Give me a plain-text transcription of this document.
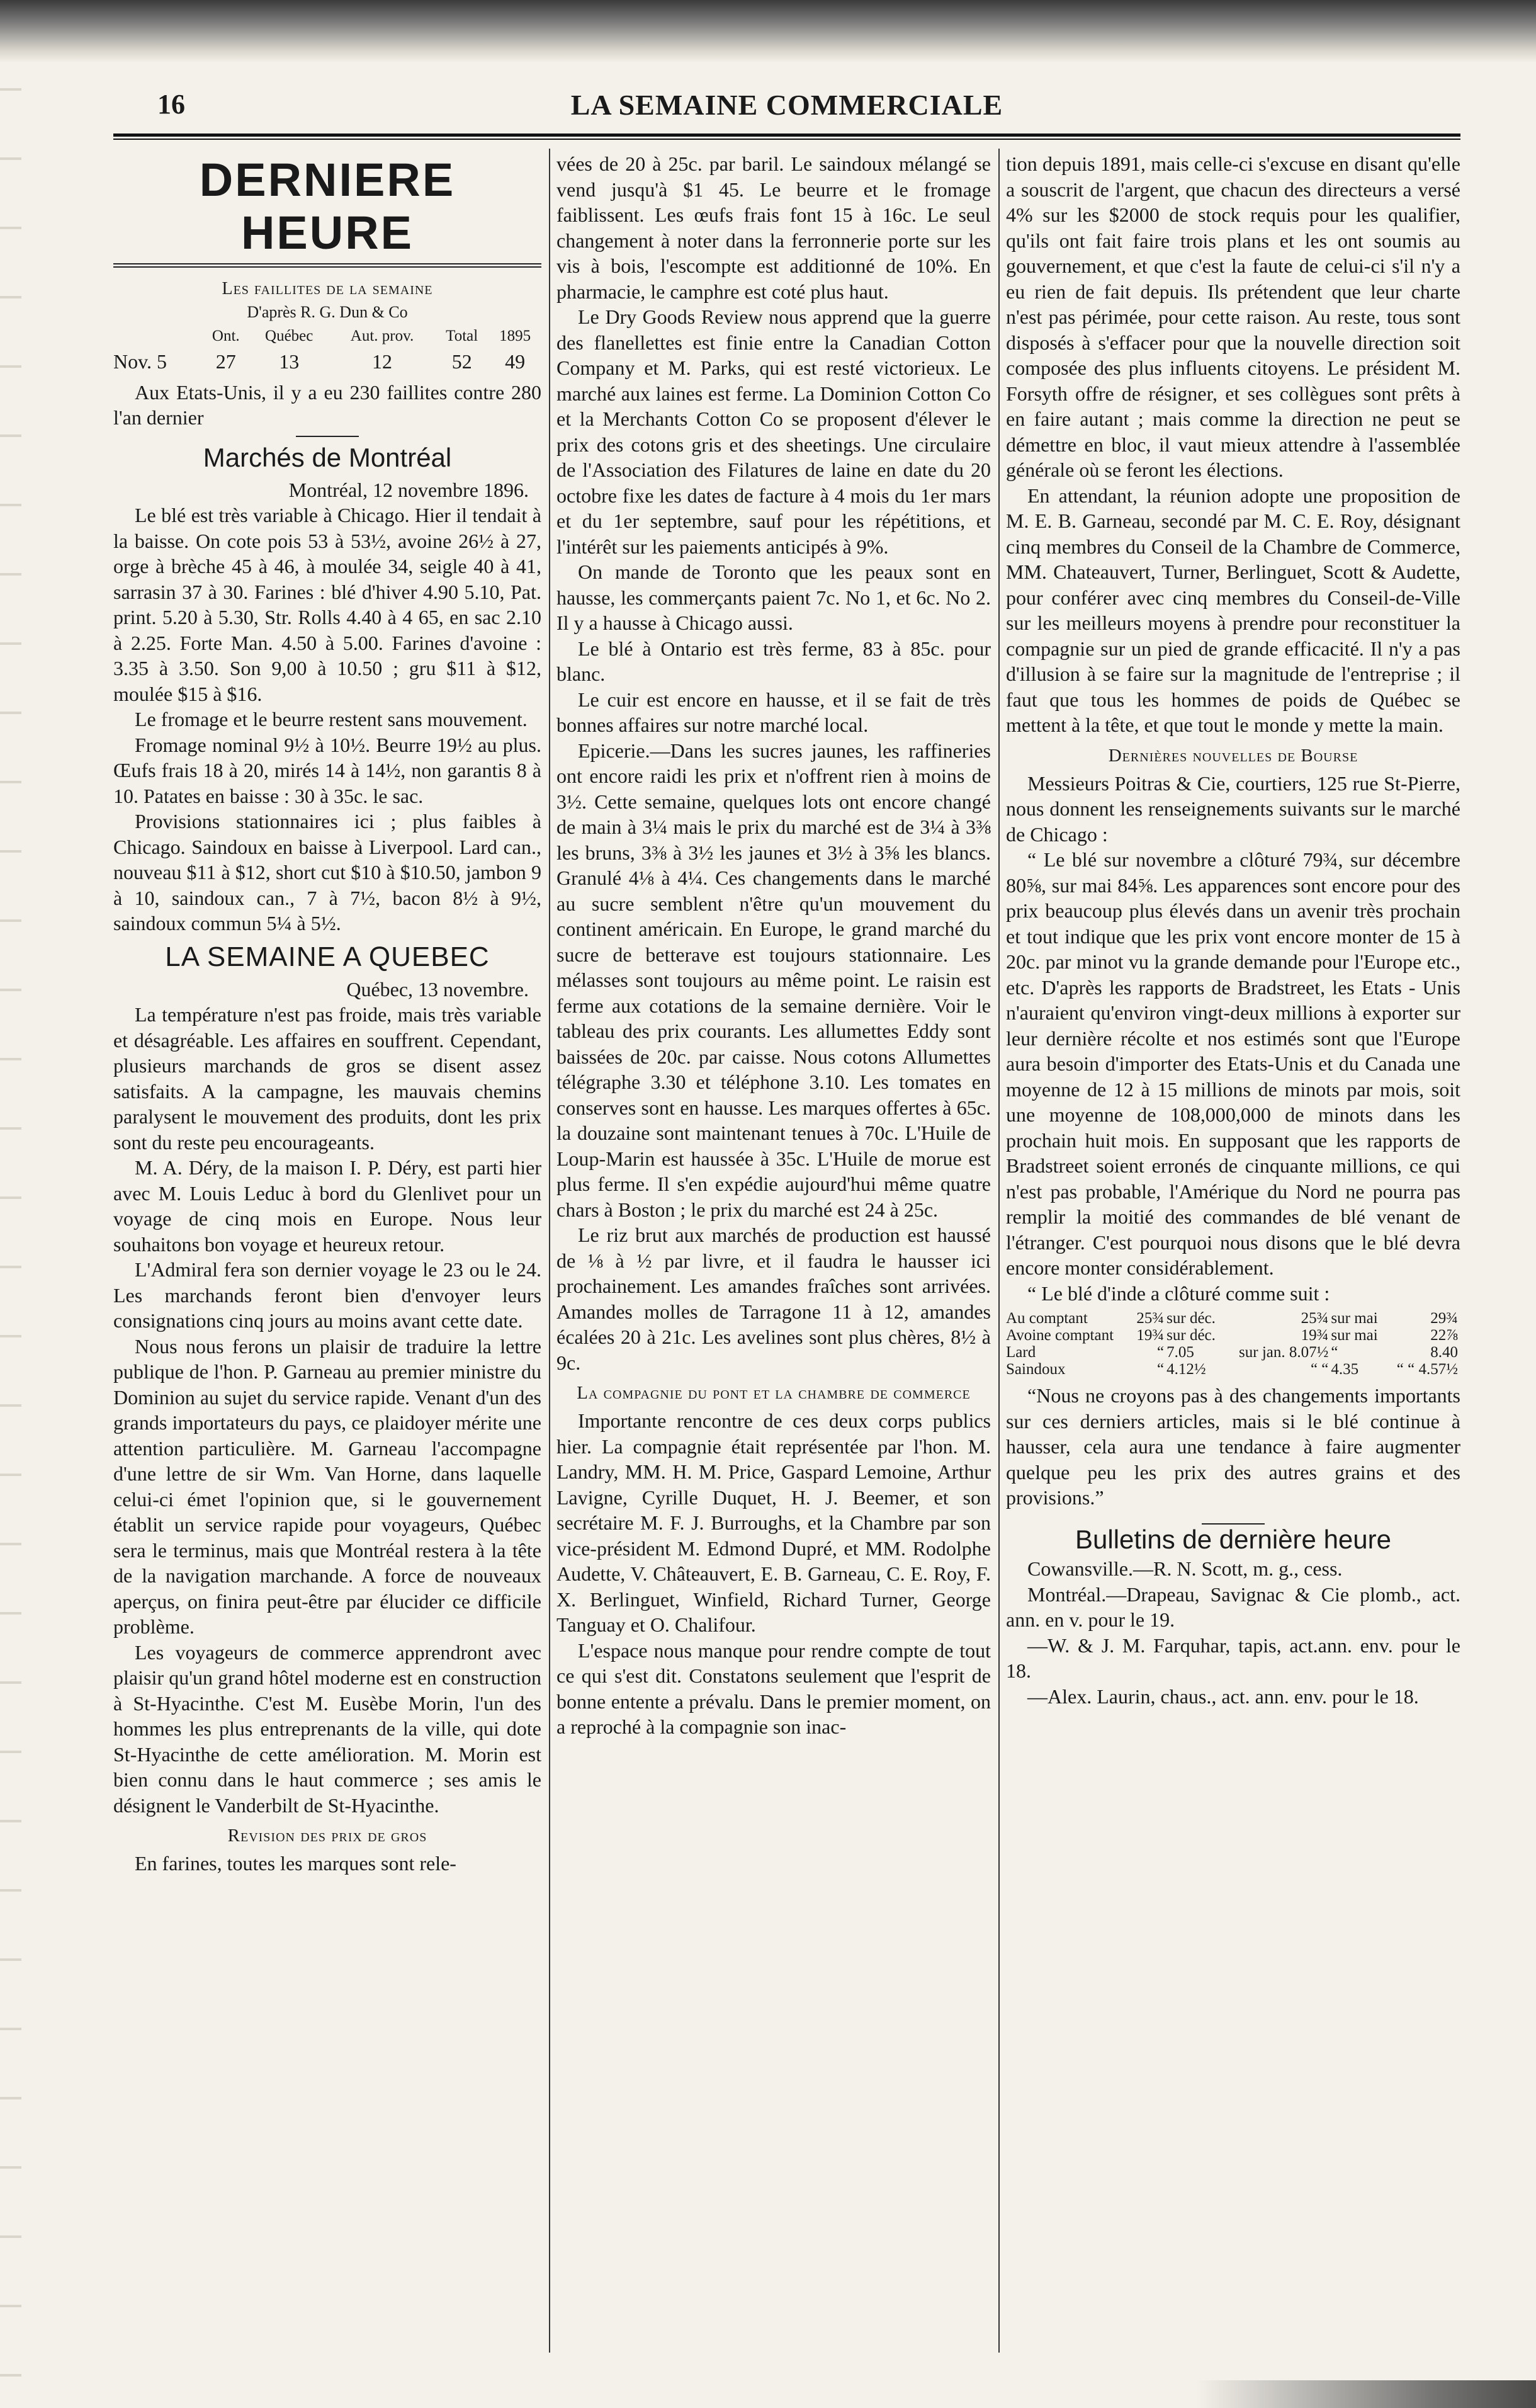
16	LA SEMAINE COMMERCIALE
DERNIERE HEURE
Les faillites de la semaine
D'après R. G. Dun & Co
	Ont.	Québec	Aut. prov.	Total	1895
Nov. 5	27	13	12	52	49

Aux Etats-Unis, il y a eu 230 faillites contre 280 l'an dernier

Marchés de Montréal

Montréal, 12 novembre 1896.

Le blé est très variable à Chicago. Hier il tendait à la baisse. On cote pois 53 à 53½, avoine 26½ à 27, orge à brèche 45 à 46, à moulée 34, seigle 40 à 41, sarrasin 37 à 30. Farines : blé d'hiver 4.90 5.10, Pat. print. 5.20 à 5.30, Str. Rolls 4.40 à 4 65, en sac 2.10 à 2.25. Forte Man. 4.50 à 5.00. Farines d'avoine : 3.35 à 3.50. Son 9,00 à 10.50 ; gru $11 à $12, moulée $15 à $16.

Le fromage et le beurre restent sans mouvement.

Fromage nominal 9½ à 10½. Beurre 19½ au plus. Œufs frais 18 à 20, mirés 14 à 14½, non garantis 8 à 10. Patates en baisse : 30 à 35c. le sac.

Provisions stationnaires ici ; plus faibles à Chicago. Saindoux en baisse à Liverpool. Lard can., nouveau $11 à $12, short cut $10 à $10.50, jambon 9 à 10, saindoux can., 7 à 7½, bacon 8½ à 9½, saindoux commun 5¼ à 5½.

LA SEMAINE A QUEBEC

Québec, 13 novembre.

La température n'est pas froide, mais très variable et désagréable. Les affaires en souffrent. Cependant, plusieurs marchands de gros se disent assez satisfaits. A la campagne, les mauvais chemins paralysent le mouvement des produits, dont les prix sont du reste peu encourageants.

M. A. Déry, de la maison I. P. Déry, est parti hier avec M. Louis Leduc à bord du Glenlivet pour un voyage de cinq mois en Europe. Nous leur souhaitons bon voyage et heureux retour.

L'Admiral fera son dernier voyage le 23 ou le 24. Les marchands feront bien d'envoyer leurs consignations cinq jours au moins avant cette date.

Nous nous ferons un plaisir de traduire la lettre publique de l'hon. P. Garneau au premier ministre du Dominion au sujet du service rapide. Venant d'un des grands importateurs du pays, ce plaidoyer mérite une attention particulière. M. Garneau l'accompagne d'une lettre de sir Wm. Van Horne, dans laquelle celui-ci émet l'opinion que, si le gouvernement établit un service rapide pour voyageurs, Québec sera le terminus, mais que Montréal restera à la tête de la navigation marchande. A force de nouveaux aperçus, on finira peut-être par élucider ce difficile problème.

Les voyageurs de commerce apprendront avec plaisir qu'un grand hôtel moderne est en construction à St-Hyacinthe. C'est M. Eusèbe Morin, l'un des hommes les plus entreprenants de la ville, qui dote St-Hyacinthe de cette amélioration. M. Morin est bien connu dans le haut commerce ; ses amis le désignent le Vanderbilt de St-Hyacinthe.

Revision des prix de gros

En farines, toutes les marques sont rele-

vées de 20 à 25c. par baril. Le saindoux mélangé se vend jusqu'à $1 45. Le beurre et le fromage faiblissent. Les œufs frais font 15 à 16c. Le seul changement à noter dans la ferronnerie porte sur les vis à bois, l'escompte est additionné de 10%. En pharmacie, le camphre est coté plus haut.

Le Dry Goods Review nous apprend que la guerre des flanellettes est finie entre la Canadian Cotton Company et M. Parks, qui est resté victorieux. Le marché aux laines est ferme. La Dominion Cotton Co et la Merchants Cotton Co se proposent d'élever le prix des cotons gris et des sheetings. Une circulaire de l'Association des Filatures de laine en date du 20 octobre fixe les dates de facture à 4 mois du 1er mars et du 1er septembre, sauf pour les répétitions, et l'intérêt sur les paiements anticipés à 9%.

On mande de Toronto que les peaux sont en hausse, les commerçants paient 7c. No 1, et 6c. No 2. Il y a hausse à Chicago aussi.

Le blé à Ontario est très ferme, 83 à 85c. pour blanc.

Le cuir est encore en hausse, et il se fait de très bonnes affaires sur notre marché local.

Epicerie.—Dans les sucres jaunes, les raffineries ont encore raidi les prix et n'offrent rien à moins de 3½. Cette semaine, quelques lots ont encore changé de main à 3¼ mais le prix du marché est de 3¼ à 3⅜ les bruns, 3⅜ à 3½ les jaunes et 3½ à 3⅝ les blancs. Granulé 4⅛ à 4¼. Ces changements dans le marché au sucre semblent n'être qu'un mouvement du continent américain. En Europe, le grand marché du sucre de betterave est toujours stationnaire. Les mélasses sont toujours au même point. Le raisin est ferme aux cotations de la semaine dernière. Voir le tableau des prix courants. Les allumettes Eddy sont baissées de 20c. par caisse. Nous cotons Allumettes télégraphe 3.30 et téléphone 3.10. Les tomates en conserves sont en hausse. Les marques offertes à 65c. la douzaine sont maintenant tenues à 70c. L'Huile de Loup-Marin est haussée à 35c. L'Huile de morue est plus ferme. Il s'en expédie aujourd'hui même quatre chars à Boston ; le prix du marché est 24 à 25c.

Le riz brut aux marchés de production est haussé de ⅛ à ½ par livre, et il faudra le hausser ici prochainement. Les amandes fraîches sont arrivées. Amandes molles de Tarragone 11 à 12, amandes écalées 20 à 21c. Les avelines sont plus chères, 8½ à 9c.

La compagnie du pont et la chambre de commerce

Importante rencontre de ces deux corps publics hier. La compagnie était représentée par l'hon. M. Landry, MM. H. M. Price, Gaspard Lemoine, Arthur Lavigne, Cyrille Duquet, H. J. Beemer, et son secrétaire M. F. J. Burroughs, et la Chambre par son vice-président M. Edmond Dupré, et MM. Rodolphe Audette, V. Châteauvert, E. B. Garneau, C. E. Roy, F. X. Berlinguet, Winfield, Richard Turner, George Tanguay et O. Chalifour.

L'espace nous manque pour rendre compte de tout ce qui s'est dit. Constatons seulement que l'esprit de bonne entente a prévalu. Dans le premier moment, on a reproché à la compagnie son inac-

tion depuis 1891, mais celle-ci s'excuse en disant qu'elle a souscrit de l'argent, que chacun des directeurs a versé 4% sur les $2000 de stock requis pour les qualifier, qu'ils ont fait faire trois plans et les ont soumis au gouvernement, et que c'est la faute de celui-ci s'il n'y a eu rien de fait depuis. Ils prétendent que leur charte n'est pas périmée, pour cette raison. Au reste, tous sont disposés à s'effacer pour que la nouvelle direction soit composée des plus influents citoyens. Le président M. Forsyth offre de résigner, et ses collègues sont prêts à en faire autant ; mais comme la direction ne peut se démettre en bloc, il vaut mieux attendre à l'assemblée générale où se feront les élections.

En attendant, la réunion adopte une proposition de M. E. B. Garneau, secondé par M. C. E. Roy, désignant cinq membres du Conseil de la Chambre de Commerce, MM. Chateauvert, Turner, Berlinguet, Scott & Audette, pour conférer avec cinq membres du Conseil-de-Ville sur les meilleurs moyens à prendre pour reconstituer la compagnie sur un pied de grande efficacité. Il n'y a pas d'illusion à se faire sur la magnitude de l'entreprise ; il faut que tous les hommes de poids de Québec se mettent à la tête, et que tout le monde y mette la main.

Dernières nouvelles de Bourse

Messieurs Poitras & Cie, courtiers, 125 rue St-Pierre, nous donnent les renseignements suivants sur le marché de Chicago :

“ Le blé sur novembre a clôturé 79¾, sur décembre 80⅝, sur mai 84⅝. Les apparences sont encore pour des prix beaucoup plus élevés dans un avenir très prochain et tout indique que les prix vont encore monter de 15 à 20c. par minot vu la grande demande pour l'Europe etc., etc. D'après les rapports de Bradstreet, les Etats - Unis n'auraient qu'environ vingt-deux millions à exporter sur leur dernière récolte et nos estimés sont que l'Europe aura besoin d'importer des Etats-Unis et du Canada une moyenne de 12 à 15 millions de minots par mois, soit une moyenne de 108,000,000 de minots dans les prochain huit mois. En supposant que les rapports de Bradstreet soient erronés de cinquante millions, ce qui n'est pas probable, l'Amérique du Nord ne pourra pas remplir la moitié des commandes de blé venant de l'étranger. C'est pourquoi nous disons que le blé devra encore monter considérablement.

“ Le blé d'inde a clôturé comme suit :

Au comptant	25¾	sur déc.	25¾	sur mai	29¾
Avoine comptant	19¾	sur déc.	19¾	sur mai	22⅞
Lard	“	7.05	sur jan. 8.07½	“	8.40
Saindoux	“	4.12½	“ “	4.35	“ “ 4.57½

“Nous ne croyons pas à des changements importants sur ces derniers articles, mais si le blé continue à hausser, cela aura une tendance à faire augmenter quelque peu les prix des autres grains et des provisions.”

Bulletins de dernière heure

Cowansville.—R. N. Scott, m. g., cess.

Montréal.—Drapeau, Savignac & Cie plomb., act. ann. en v. pour le 19.

—W. & J. M. Farquhar, tapis, act.ann. env. pour le 18.

—Alex. Laurin, chaus., act. ann. env. pour le 18.
